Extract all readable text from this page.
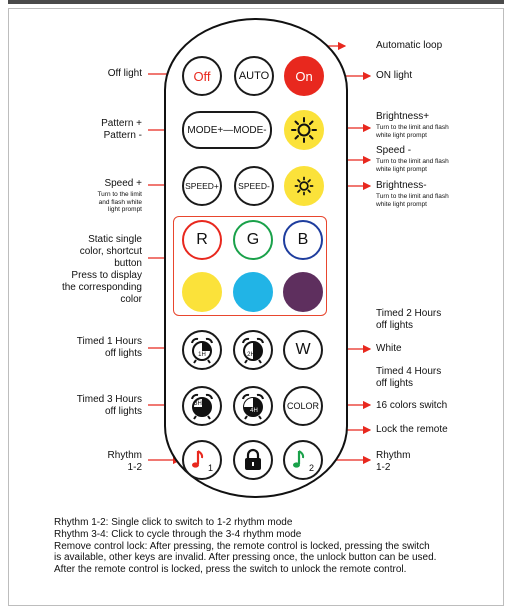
Off	AUTO On
MODE+—MODE-
SPEED+ SPEED-
R G B
1H	2H	W
3H
4H	COLOR
1	2
Off light
Pattern +
Pattern -
Speed +
Turn to the limit
and flash white
light prompt
Static single
color, shortcut
button
Press to display
the corresponding
color
Timed 1 Hours
off lights
Timed 3 Hours
off lights
Rhythm
1-2
Automatic loop
ON light
Brightness+
Turn to the limit and flash
white light prompt
Speed -
Turn to the limit and flash
white light prompt
Brightness-
Turn to the limit and flash
white light prompt
Timed 2 Hours
off lights
White
Timed 4 Hours
off lights
16 colors switch
Lock the remote
Rhythm
1-2
Rhythm 1-2: Single click to switch to 1-2 rhythm mode
Rhythm 3-4: Click to cycle through the 3-4 rhythm mode
Remove control lock: After pressing, the remote control is locked, pressing the switch
is available, other keys are invalid. After pressing once, the unlock button can be used.
After the remote control is locked, press the switch to unlock the remote control.
